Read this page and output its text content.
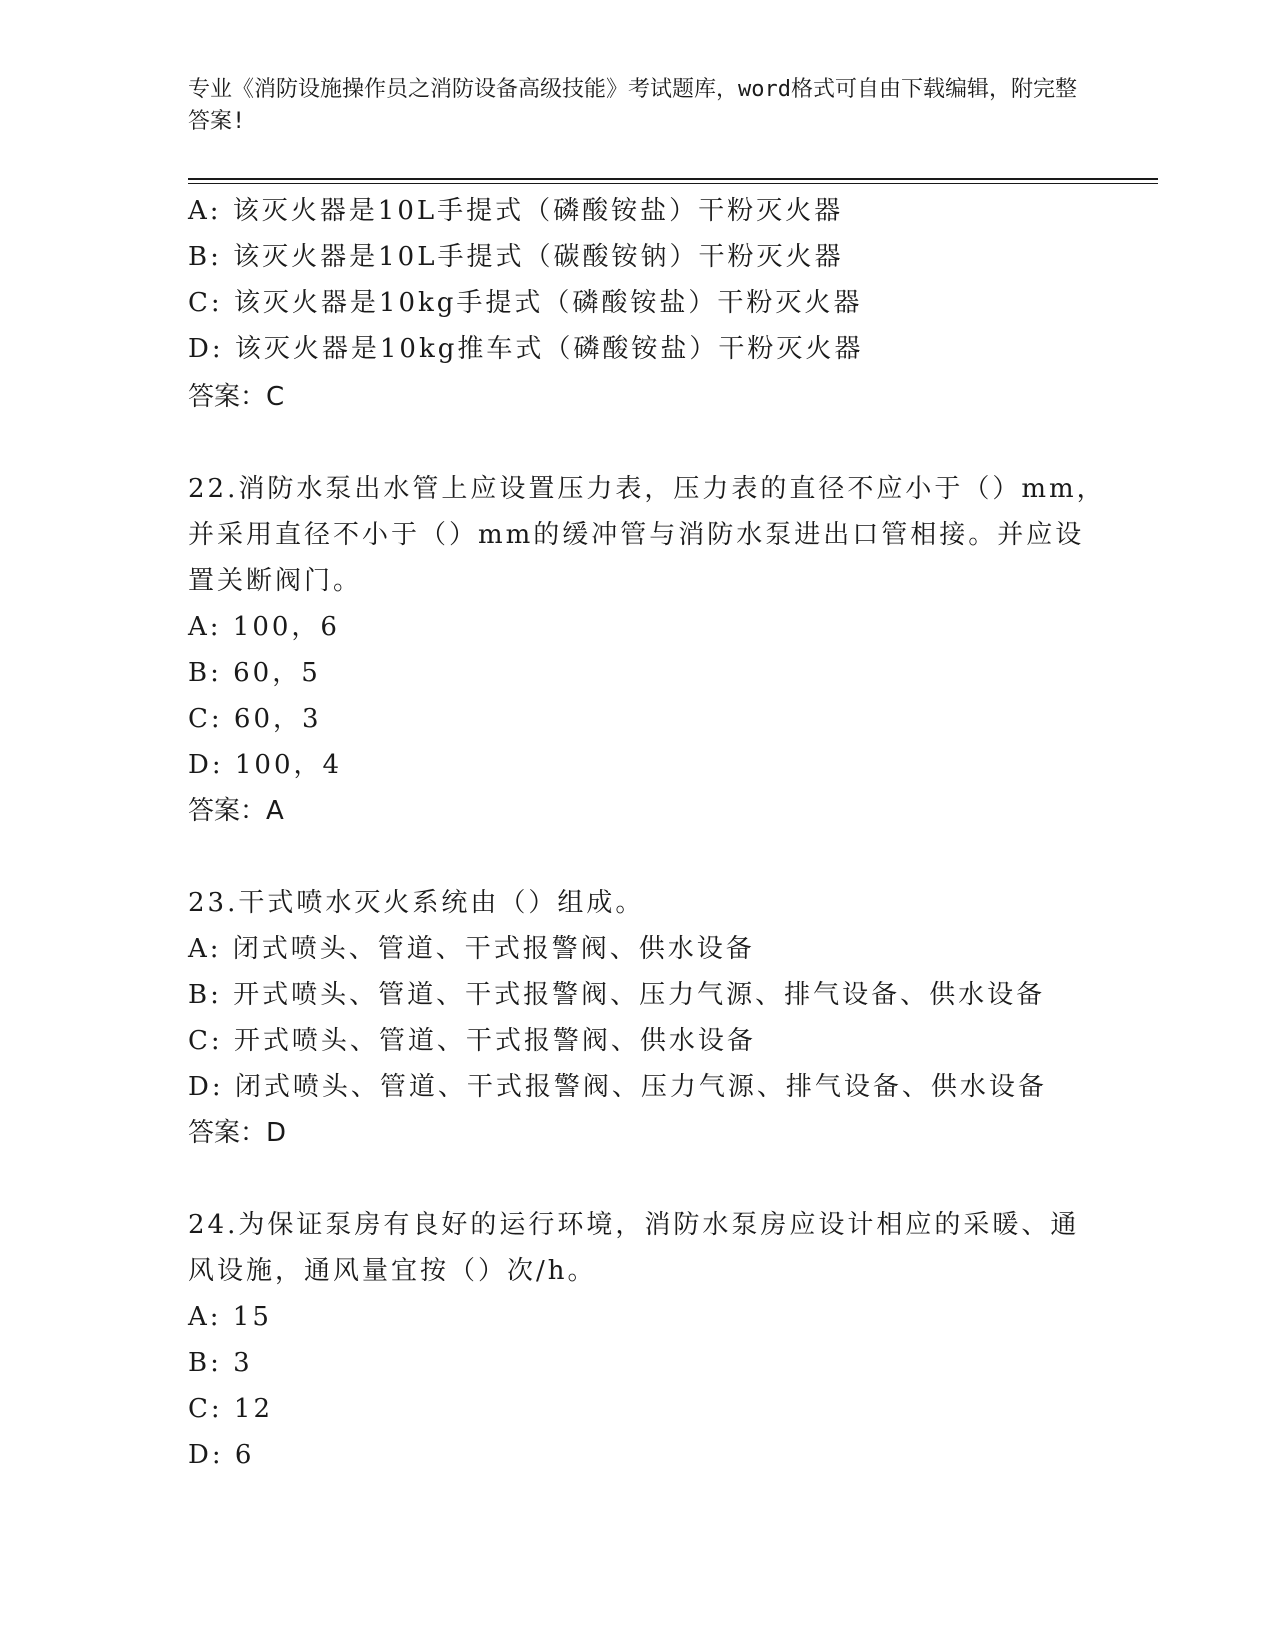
专业《消防设施操作员之消防设备高级技能》考试题库，word格式可自由下载编辑，附完整答案!
A: 该灭火器是10L手提式（磷酸铵盐）干粉灭火器
B: 该灭火器是10L手提式（碳酸铵钠）干粉灭火器
C: 该灭火器是10kg手提式（磷酸铵盐）干粉灭火器
D: 该灭火器是10kg推车式（磷酸铵盐）干粉灭火器
答案：C
22.消防水泵出水管上应设置压力表，压力表的直径不应小于（）mm，
并采用直径不小于（）mm的缓冲管与消防水泵进出口管相接。并应设
置关断阀门。
A: 100，6
B: 60，5
C: 60，3
D: 100，4
答案：A
23.干式喷水灭火系统由（）组成。
A: 闭式喷头、管道、干式报警阀、供水设备
B: 开式喷头、管道、干式报警阀、压力气源、排气设备、供水设备
C: 开式喷头、管道、干式报警阀、供水设备
D: 闭式喷头、管道、干式报警阀、压力气源、排气设备、供水设备
答案：D
24.为保证泵房有良好的运行环境，消防水泵房应设计相应的采暖、通
风设施，通风量宜按（）次/h。
A: 15
B: 3
C: 12
D: 6
